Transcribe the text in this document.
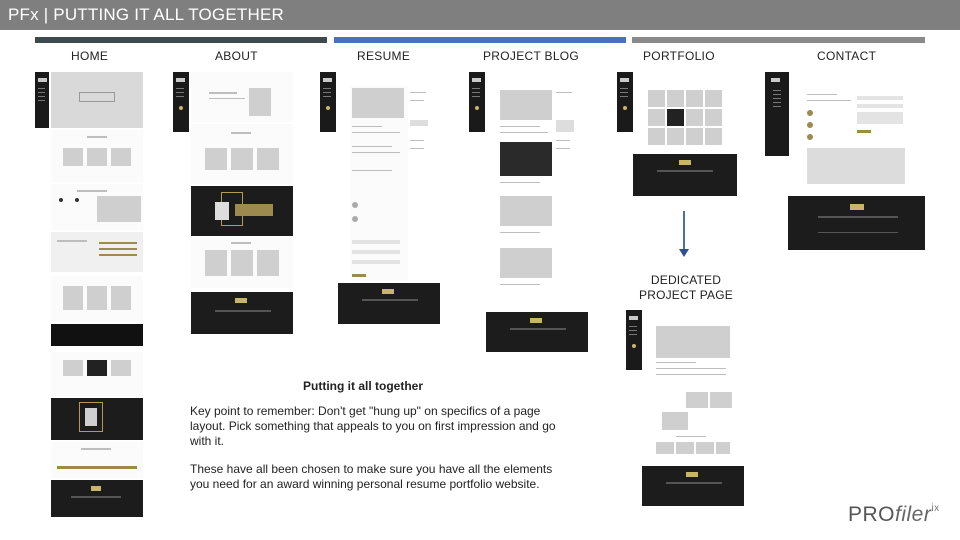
PFx | PUTTING IT ALL TOGETHER
HOME	ABOUT	RESUME	PROJECT BLOG	PORTFOLIO	CONTACT
DEDICATED
PROJECT PAGE
Putting it all together
Key point to remember: Don't get "hung up" on specifics of a page layout. Pick something that appeals to you on first impression and go with it.
These have all been chosen to make sure you have all the elements you need for an award winning personal resume portfolio website.
PROfiler$^{ix}$
